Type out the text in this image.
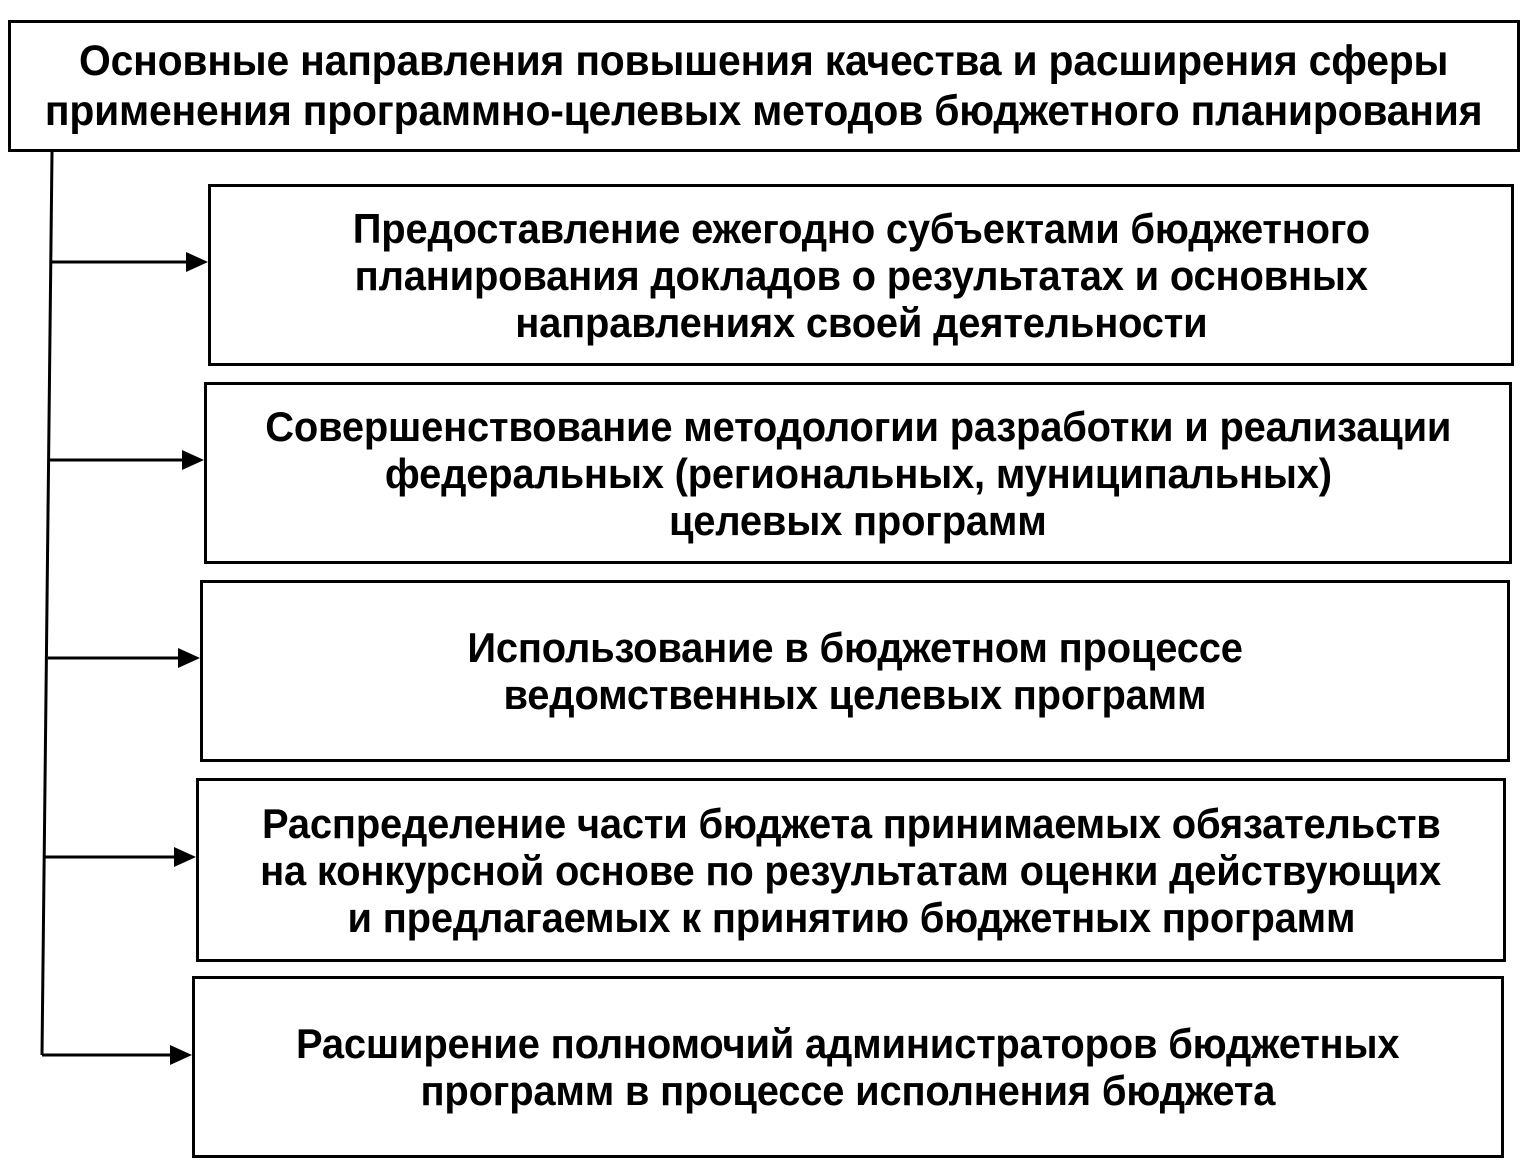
Основные направления повышения качества и расширения сферы
применения программно-целевых методов бюджетного планирования
Предоставление ежегодно субъектами бюджетного
планирования докладов о результатах и основных
направлениях своей деятельности
Совершенствование методологии разработки и реализации
федеральных (региональных, муниципальных)
целевых программ
Использование в бюджетном процессе
ведомственных целевых программ
Распределение части бюджета принимаемых обязательств
на конкурсной основе по результатам оценки действующих
и предлагаемых к принятию бюджетных программ
Расширение полномочий администраторов бюджетных
программ в процессе исполнения бюджета
